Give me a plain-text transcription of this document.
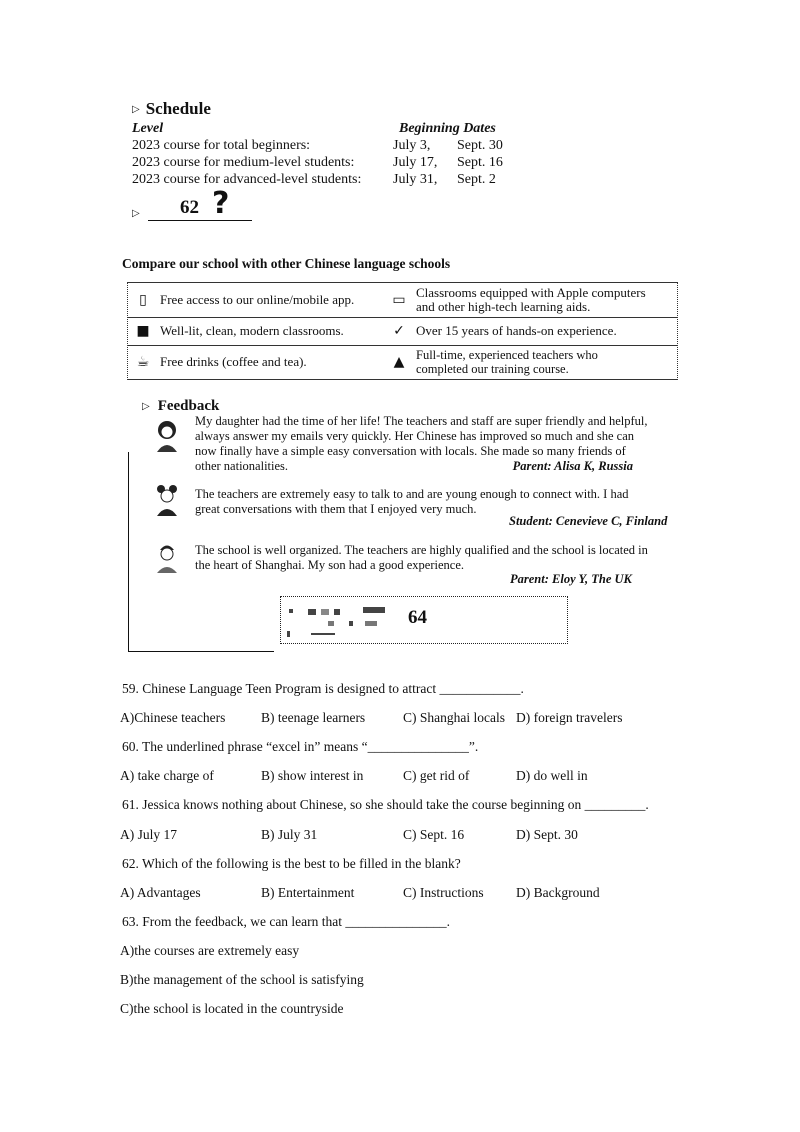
▷ Schedule
Level	Beginning Dates
2023 course for total beginners:	July 3, Sept. 30
2023 course for medium-level students:	July 17, Sept. 16
2023 course for advanced-level students: July 31, Sept. 2
▷ 62 ?
Compare our school with other Chinese language schools
▯	Free access to our online/mobile app.	▭ Classrooms equipped with Apple computers
and other high-tech learning aids.
■ Well-lit, clean, modern classrooms.	✓ Over 15 years of hands-on experience.
☕ Free drinks (coffee and tea).	▲ Full-time, experienced teachers who
completed our training course.
▷ Feedback
My daughter had the time of her life! The teachers and staff are super friendly and helpful,
always answer my emails very quickly. Her Chinese has improved so much and she can
now finally have a simple easy conversation with locals. She made so many friends of
other nationalities.	Parent: Alisa K, Russia
The teachers are extremely easy to talk to and are young enough to connect with. I had
great conversations with them that I enjoyed very much.
Student: Cenevieve C, Finland
The school is well organized. The teachers are highly qualified and the school is located in
the heart of Shanghai. My son had a good experience.
Parent: Eloy Y, The UK
64
59. Chinese Language Teen Program is designed to attract ____________.
A)Chinese teachers	B) teenage learners	C) Shanghai locals D) foreign travelers
60. The underlined phrase “excel in” means “_______________”.
A) take charge of	B) show interest in	C) get rid of	D) do well in
61. Jessica knows nothing about Chinese, so she should take the course beginning on _________.
A) July 17	B) July 31	C) Sept. 16	D) Sept. 30
62. Which of the following is the best to be filled in the blank?
A) Advantages	B) Entertainment	C) Instructions D) Background
63. From the feedback, we can learn that _______________.
A)the courses are extremely easy
B)the management of the school is satisfying
C)the school is located in the countryside
